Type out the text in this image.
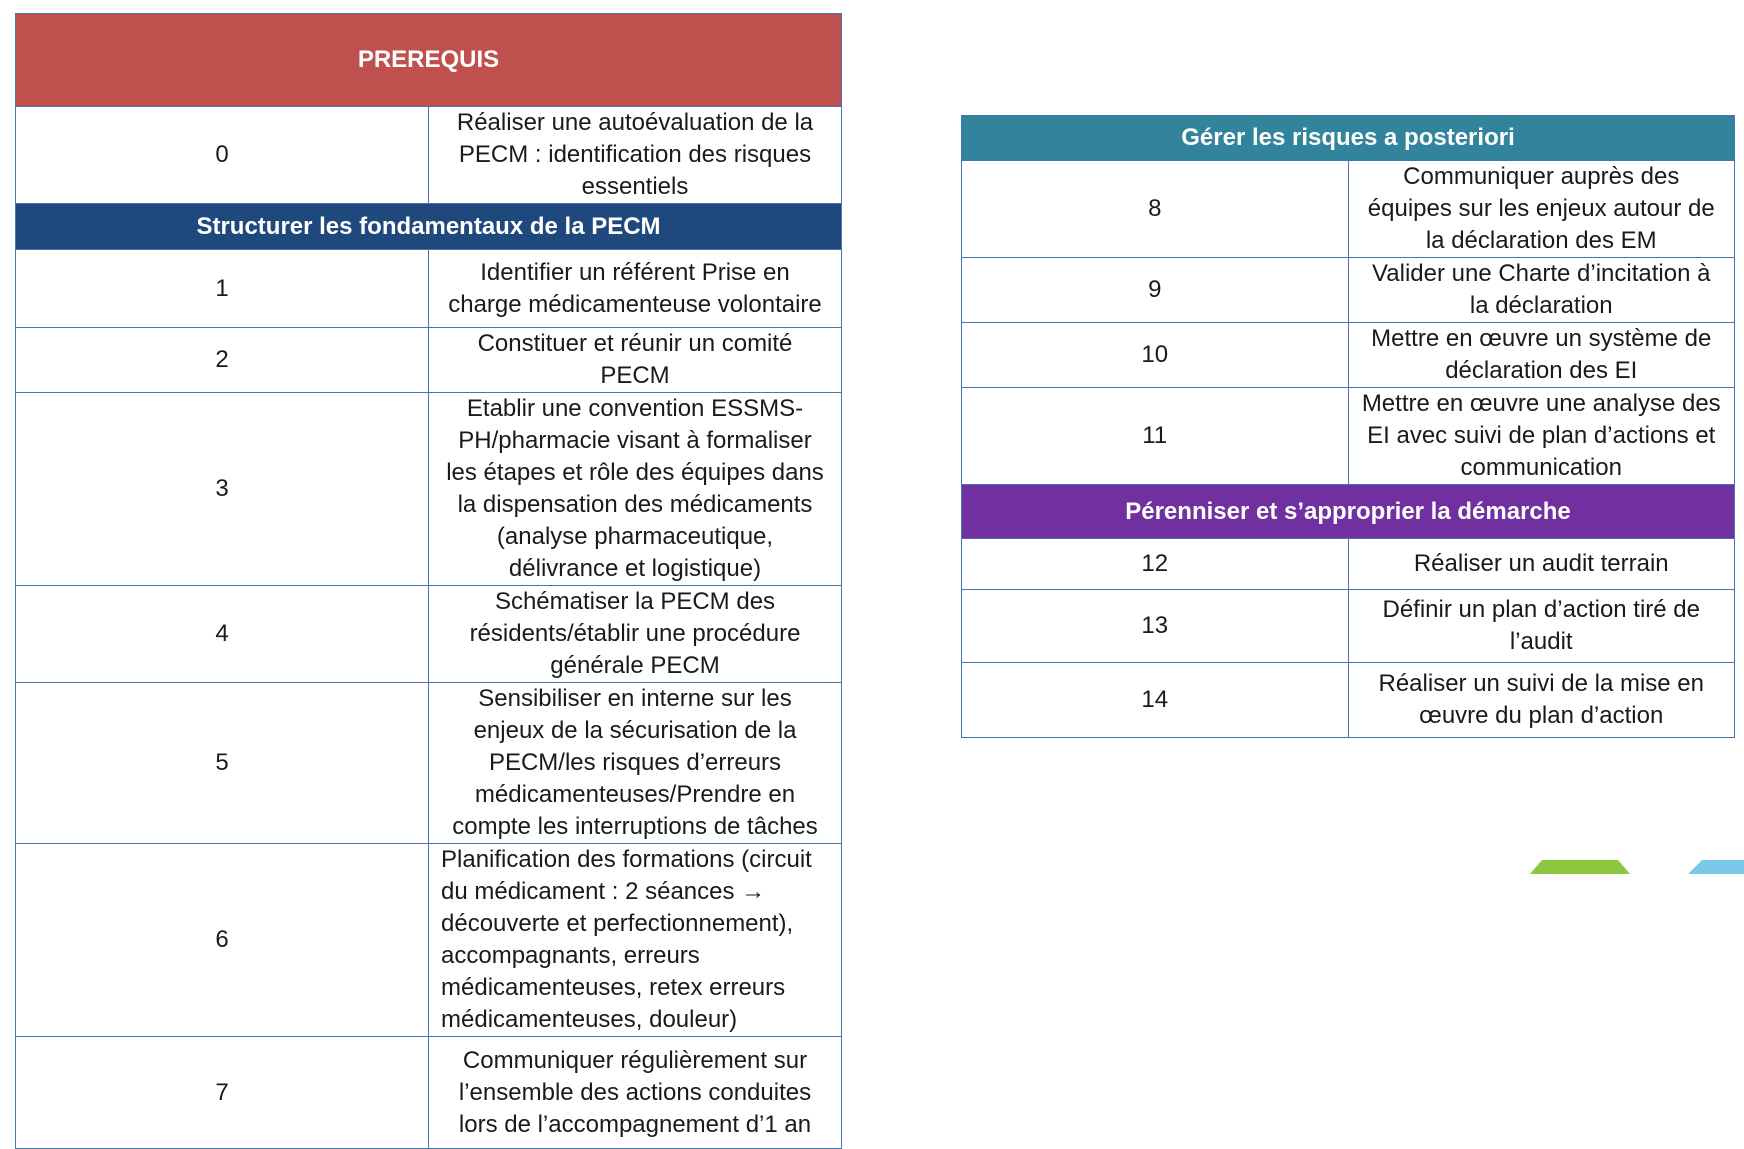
PREREQUIS	
0	Réaliser une autoévaluation de la PECM : identification des risques essentiels
Structurer les fondamentaux de la PECM	
1	Identifier un référent Prise en charge médicamenteuse volontaire
2	Constituer et réunir un comité PECM
3	Etablir une convention ESSMS-PH/pharmacie visant à formaliser les étapes et rôle des équipes dans la dispensation des médicaments (analyse pharmaceutique, délivrance et logistique)
4	Schématiser la PECM des résidents/établir une procédure générale PECM
5	Sensibiliser en interne sur les enjeux de la sécurisation de la PECM/les risques d’erreurs médicamenteuses/Prendre en compte les interruptions de tâches
6	Planification des formations (circuit du médicament : 2 séances → découverte et perfectionnement), accompagnants, erreurs médicamenteuses, retex erreurs médicamenteuses, douleur)
7	Communiquer régulièrement sur l’ensemble des actions conduites lors de l’accompagnement d’1 an
Gérer les risques a posteriori	
8	Communiquer auprès des équipes sur les enjeux autour de la déclaration des EM
9	Valider une Charte d’incitation à la déclaration
10	Mettre en œuvre un système de déclaration des EI
11	Mettre en œuvre une analyse des EI avec suivi de plan d’actions et communication
Pérenniser et s’approprier la démarche	
12	Réaliser un audit terrain
13	Définir un plan d’action tiré de l’audit
14	Réaliser un suivi de la mise en œuvre du plan d’action
